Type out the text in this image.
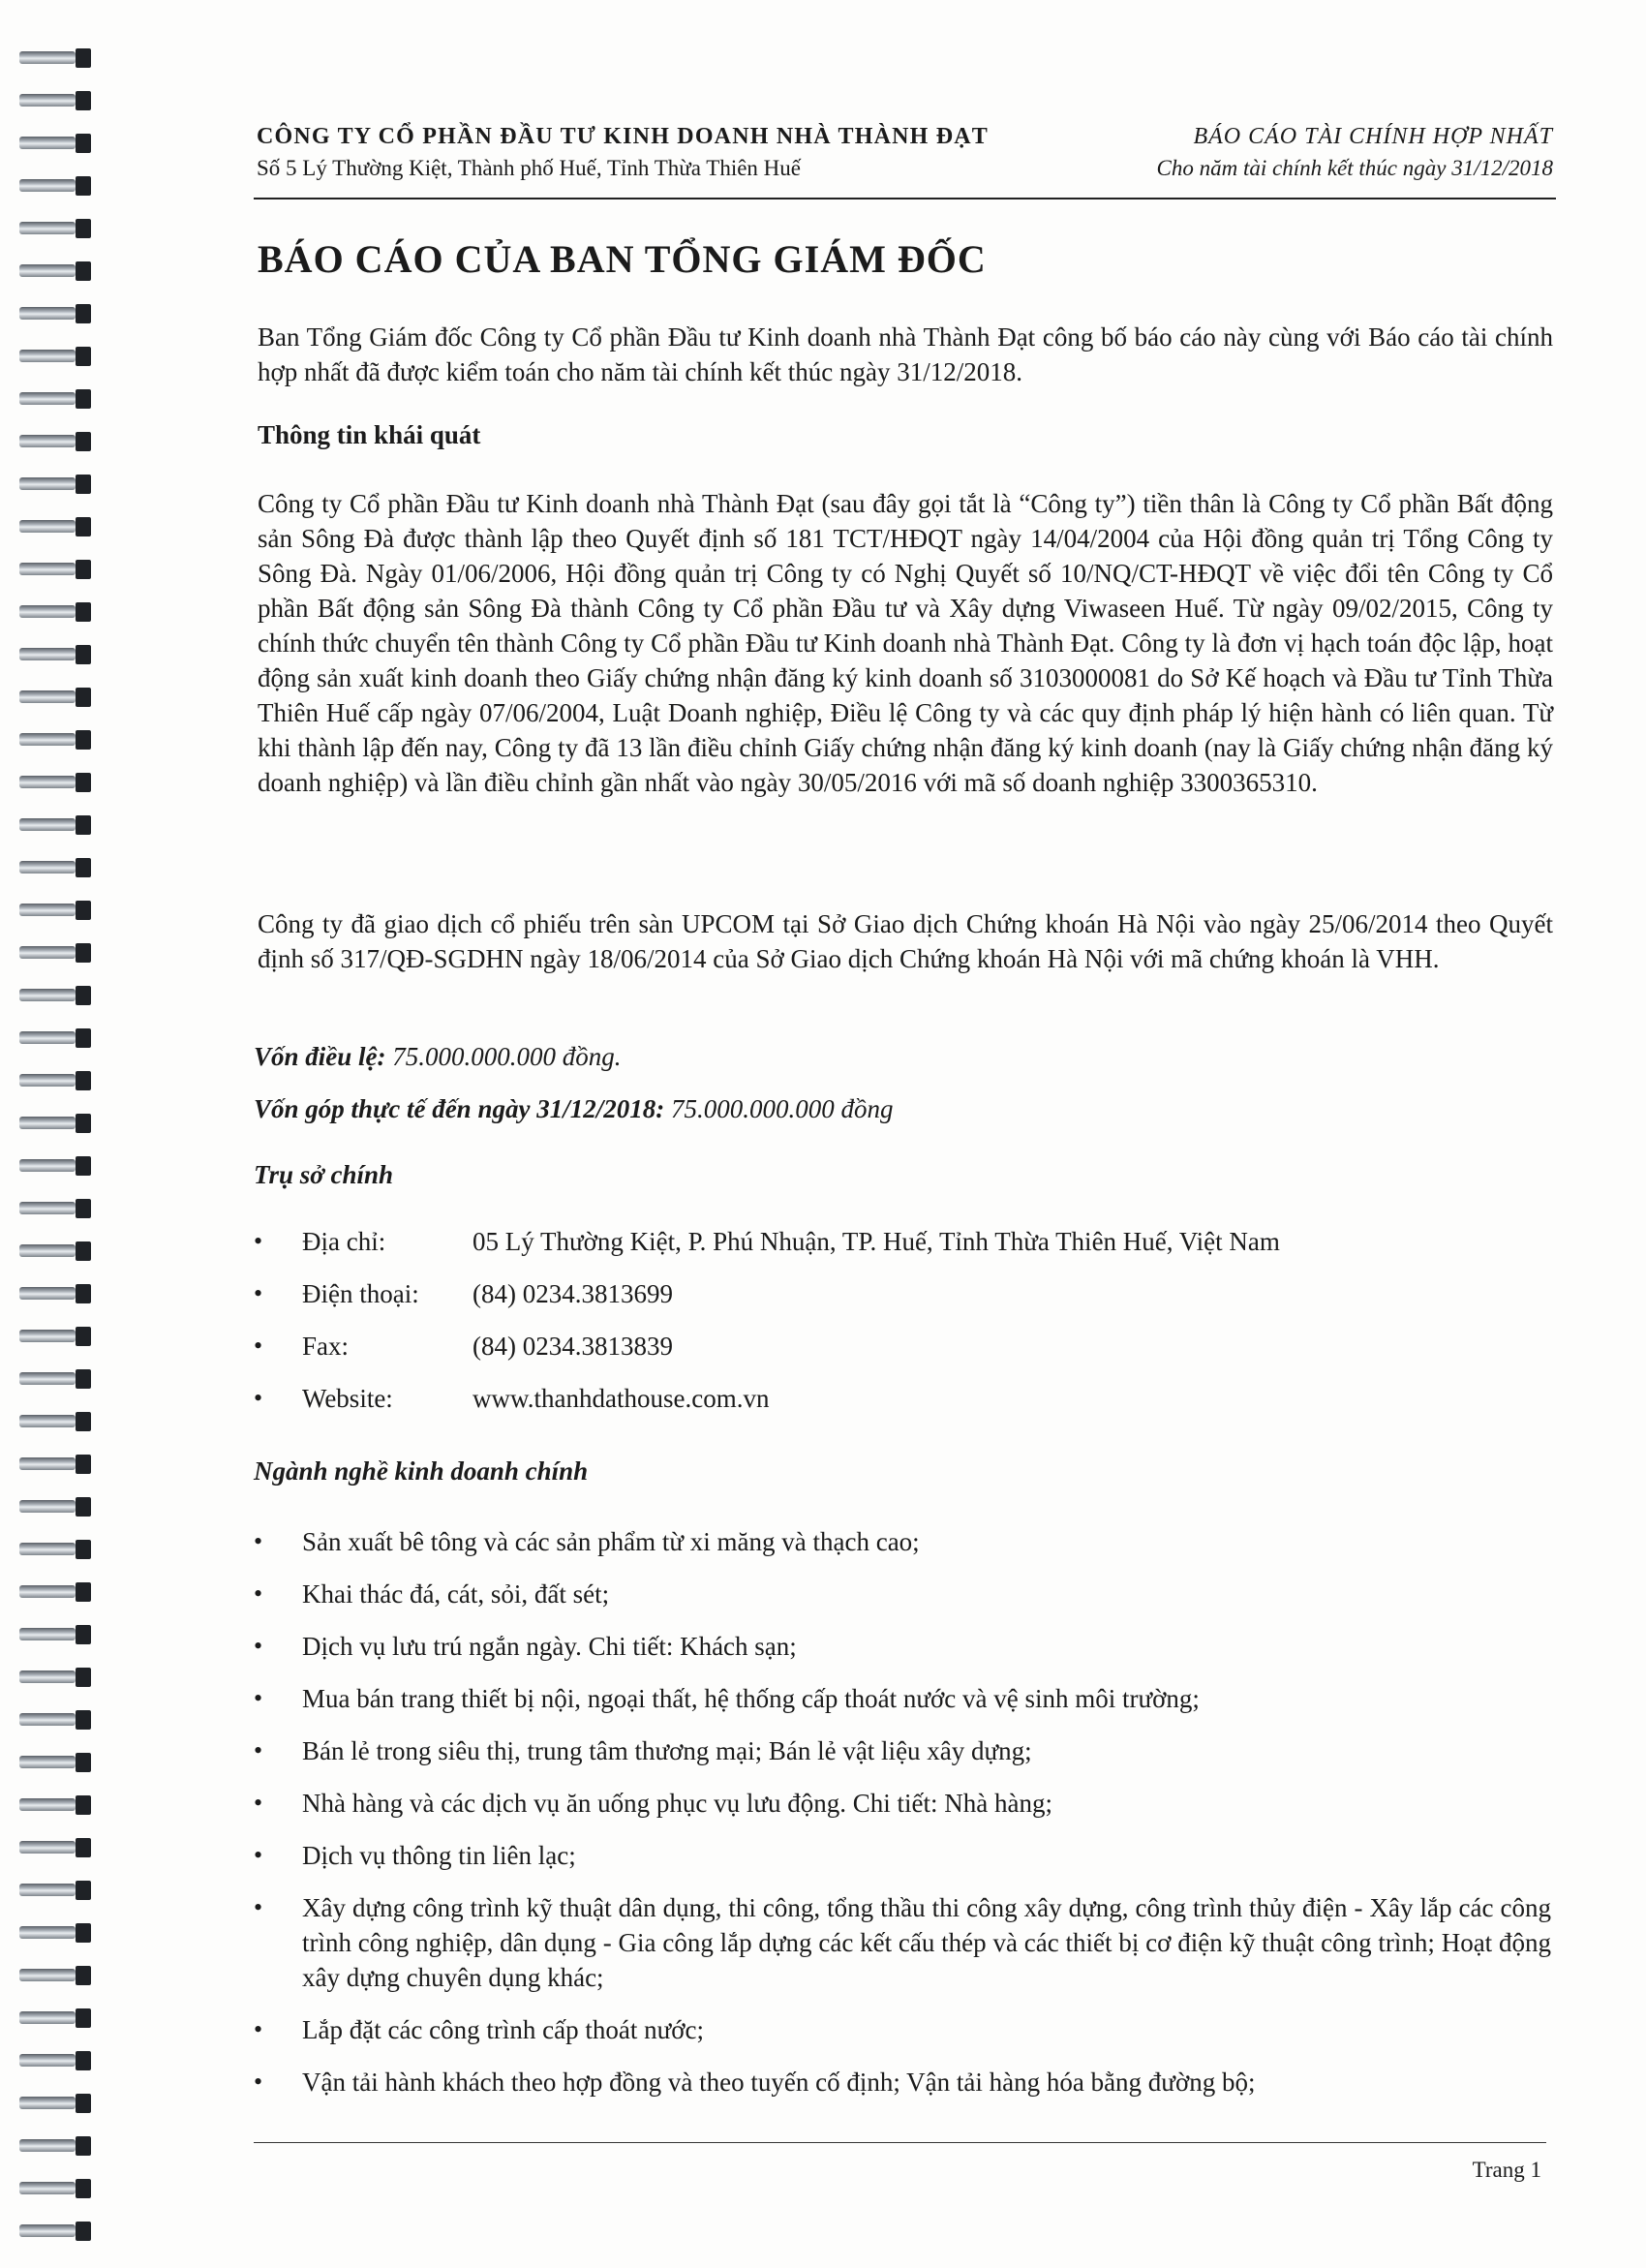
CÔNG TY CỔ PHẦN ĐẦU TƯ KINH DOANH NHÀ THÀNH ĐẠT

Số 5 Lý Thường Kiệt, Thành phố Huế, Tỉnh Thừa Thiên Huế

BÁO CÁO TÀI CHÍNH HỢP NHẤT

Cho năm tài chính kết thúc ngày 31/12/2018
BÁO CÁO CỦA BAN TỔNG GIÁM ĐỐC

Ban Tổng Giám đốc Công ty Cổ phần Đầu tư Kinh doanh nhà Thành Đạt công bố báo cáo này cùng với Báo cáo tài chính hợp nhất đã được kiểm toán cho năm tài chính kết thúc ngày 31/12/2018.

Thông tin khái quát

Công ty Cổ phần Đầu tư Kinh doanh nhà Thành Đạt (sau đây gọi tắt là “Công ty”) tiền thân là Công ty Cổ phần Bất động sản Sông Đà được thành lập theo Quyết định số 181 TCT/HĐQT ngày 14/04/2004 của Hội đồng quản trị Tổng Công ty Sông Đà. Ngày 01/06/2006, Hội đồng quản trị Công ty có Nghị Quyết số 10/NQ/CT-HĐQT về việc đổi tên Công ty Cổ phần Bất động sản Sông Đà thành Công ty Cổ phần Đầu tư và Xây dựng Viwaseen Huế. Từ ngày 09/02/2015, Công ty chính thức chuyển tên thành Công ty Cổ phần Đầu tư Kinh doanh nhà Thành Đạt. Công ty là đơn vị hạch toán độc lập, hoạt động sản xuất kinh doanh theo Giấy chứng nhận đăng ký kinh doanh số 3103000081 do Sở Kế hoạch và Đầu tư Tỉnh Thừa Thiên Huế cấp ngày 07/06/2004, Luật Doanh nghiệp, Điều lệ Công ty và các quy định pháp lý hiện hành có liên quan. Từ khi thành lập đến nay, Công ty đã 13 lần điều chỉnh Giấy chứng nhận đăng ký kinh doanh (nay là Giấy chứng nhận đăng ký doanh nghiệp) và lần điều chỉnh gần nhất vào ngày 30/05/2016 với mã số doanh nghiệp 3300365310.

Công ty đã giao dịch cổ phiếu trên sàn UPCOM tại Sở Giao dịch Chứng khoán Hà Nội vào ngày 25/06/2014 theo Quyết định số 317/QĐ-SGDHN ngày 18/06/2014 của Sở Giao dịch Chứng khoán Hà Nội với mã chứng khoán là VHH.

Vốn điều lệ: 75.000.000.000 đồng.

Vốn góp thực tế đến ngày 31/12/2018: 75.000.000.000 đồng

Trụ sở chính

•	Địa chỉ:	05 Lý Thường Kiệt, P. Phú Nhuận, TP. Huế, Tỉnh Thừa Thiên Huế, Việt Nam
•	Điện thoại: (84) 0234.3813699
•	Fax:	(84) 0234.3813839
•	Website:	www.thanhdathouse.com.vn

Ngành nghề kinh doanh chính

•	Sản xuất bê tông và các sản phẩm từ xi măng và thạch cao;
•	Khai thác đá, cát, sỏi, đất sét;
•	Dịch vụ lưu trú ngắn ngày. Chi tiết: Khách sạn;
•	Mua bán trang thiết bị nội, ngoại thất, hệ thống cấp thoát nước và vệ sinh môi trường;
•	Bán lẻ trong siêu thị, trung tâm thương mại; Bán lẻ vật liệu xây dựng;
•	Nhà hàng và các dịch vụ ăn uống phục vụ lưu động. Chi tiết: Nhà hàng;
•	Dịch vụ thông tin liên lạc;
•	Xây dựng công trình kỹ thuật dân dụng, thi công, tổng thầu thi công xây dựng, công trình thủy điện - Xây lắp các công trình công nghiệp, dân dụng - Gia công lắp dựng các kết cấu thép và các thiết bị cơ điện kỹ thuật công trình; Hoạt động xây dựng chuyên dụng khác;
•	Lắp đặt các công trình cấp thoát nước;
•	Vận tải hành khách theo hợp đồng và theo tuyến cố định; Vận tải hàng hóa bằng đường bộ;
Trang 1
